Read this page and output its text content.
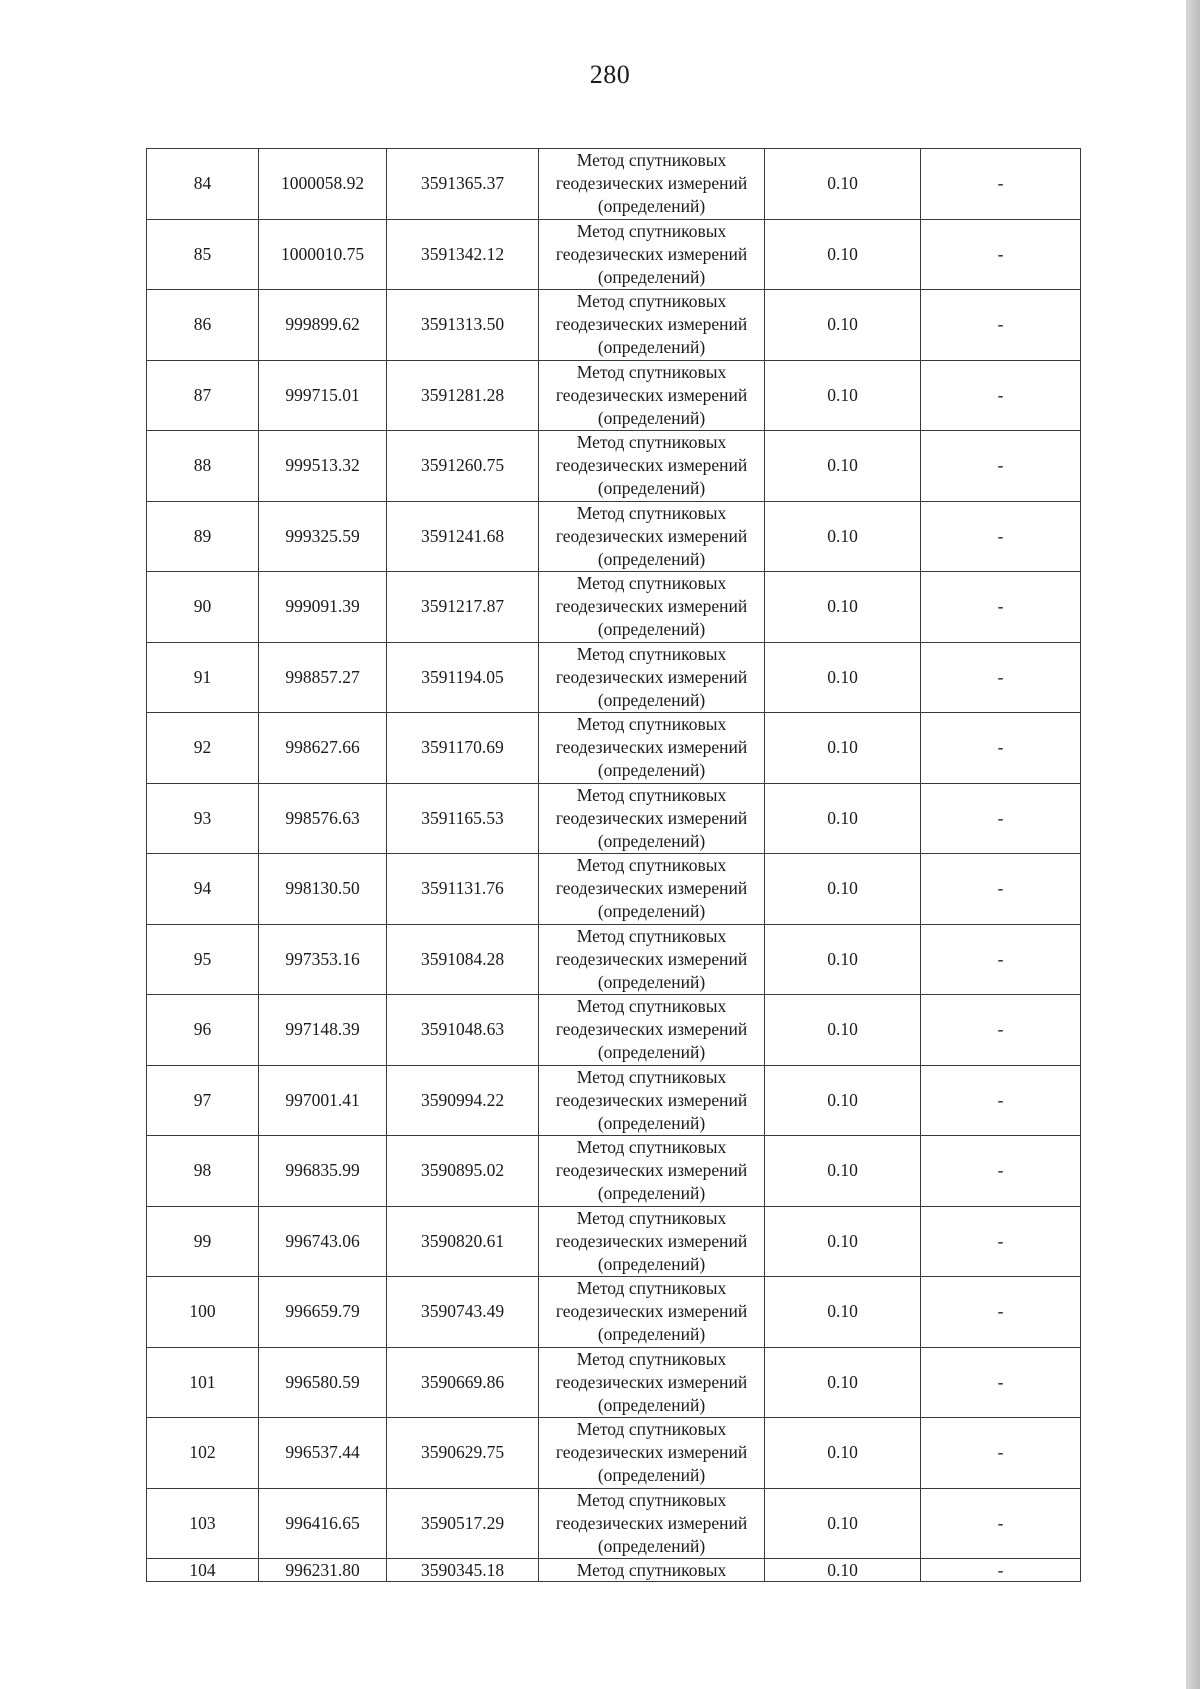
280
84	1000058.92	3591365.37	Метод спутниковых
геодезических измерений
(определений)	0.10	-
85	1000010.75	3591342.12	Метод спутниковых
геодезических измерений
(определений)	0.10	-
86	999899.62	3591313.50	Метод спутниковых
геодезических измерений
(определений)	0.10	-
87	999715.01	3591281.28	Метод спутниковых
геодезических измерений
(определений)	0.10	-
88	999513.32	3591260.75	Метод спутниковых
геодезических измерений
(определений)	0.10	-
89	999325.59	3591241.68	Метод спутниковых
геодезических измерений
(определений)	0.10	-
90	999091.39	3591217.87	Метод спутниковых
геодезических измерений
(определений)	0.10	-
91	998857.27	3591194.05	Метод спутниковых
геодезических измерений
(определений)	0.10	-
92	998627.66	3591170.69	Метод спутниковых
геодезических измерений
(определений)	0.10	-
93	998576.63	3591165.53	Метод спутниковых
геодезических измерений
(определений)	0.10	-
94	998130.50	3591131.76	Метод спутниковых
геодезических измерений
(определений)	0.10	-
95	997353.16	3591084.28	Метод спутниковых
геодезических измерений
(определений)	0.10	-
96	997148.39	3591048.63	Метод спутниковых
геодезических измерений
(определений)	0.10	-
97	997001.41	3590994.22	Метод спутниковых
геодезических измерений
(определений)	0.10	-
98	996835.99	3590895.02	Метод спутниковых
геодезических измерений
(определений)	0.10	-
99	996743.06	3590820.61	Метод спутниковых
геодезических измерений
(определений)	0.10	-
100	996659.79	3590743.49	Метод спутниковых
геодезических измерений
(определений)	0.10	-
101	996580.59	3590669.86	Метод спутниковых
геодезических измерений
(определений)	0.10	-
102	996537.44	3590629.75	Метод спутниковых
геодезических измерений
(определений)	0.10	-
103	996416.65	3590517.29	Метод спутниковых
геодезических измерений
(определений)	0.10	-
104	996231.80	3590345.18	Метод спутниковых	0.10	-
